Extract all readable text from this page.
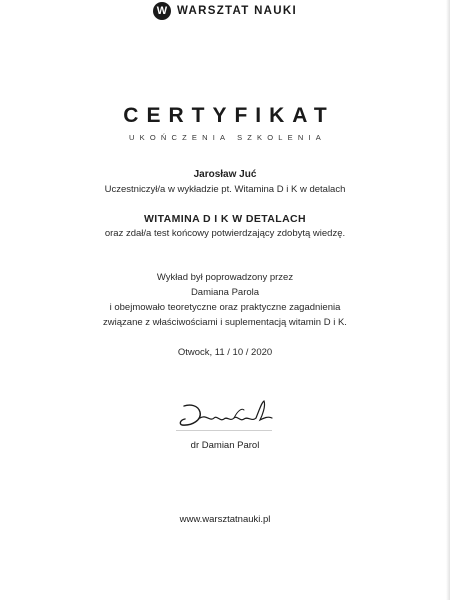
W WARSZTAT NAUKI
CERTYFIKAT
UKOŃCZENIA SZKOLENIA
Jarosław Juć
Uczestniczył/a w wykładzie pt. Witamina D i K w detalach
WITAMINA D I K W DETALACH
oraz zdał/a test końcowy potwierdzający zdobytą wiedzę.
Wykład był poprowadzony przez
Damiana Parola
i obejmowało teoretyczne oraz praktyczne zagadnienia
związane z właściwościami i suplementacją witamin D i K.
Otwock, 11 / 10 / 2020
dr Damian Parol
www.warsztatnauki.pl
